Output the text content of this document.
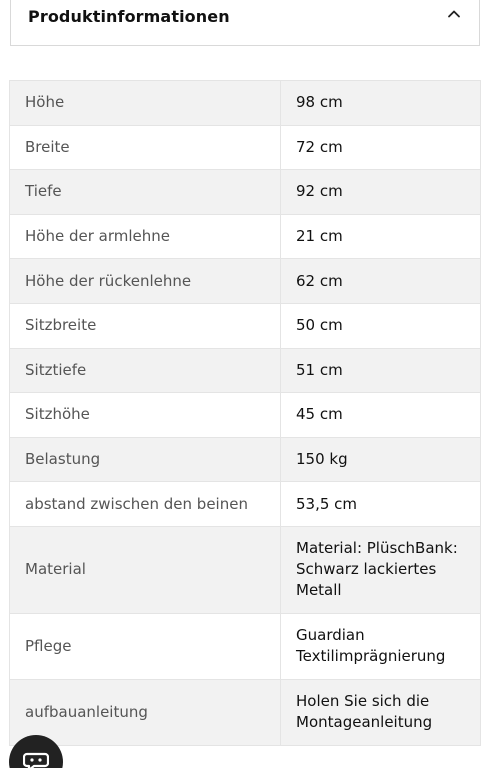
Produktinformationen
Höhe	98 cm
Breite	72 cm
Tiefe	92 cm
Höhe der armlehne	21 cm
Höhe der rückenlehne	62 cm
Sitzbreite	50 cm
Sitztiefe	51 cm
Sitzhöhe	45 cm
Belastung	150 kg
abstand zwischen den beinen	53,5 cm
Material	Material: PlüschBank: Schwarz lackiertes Metall
Pflege	Guardian Textilimprägnierung
aufbauanleitung	Holen Sie sich die Montageanleitung
